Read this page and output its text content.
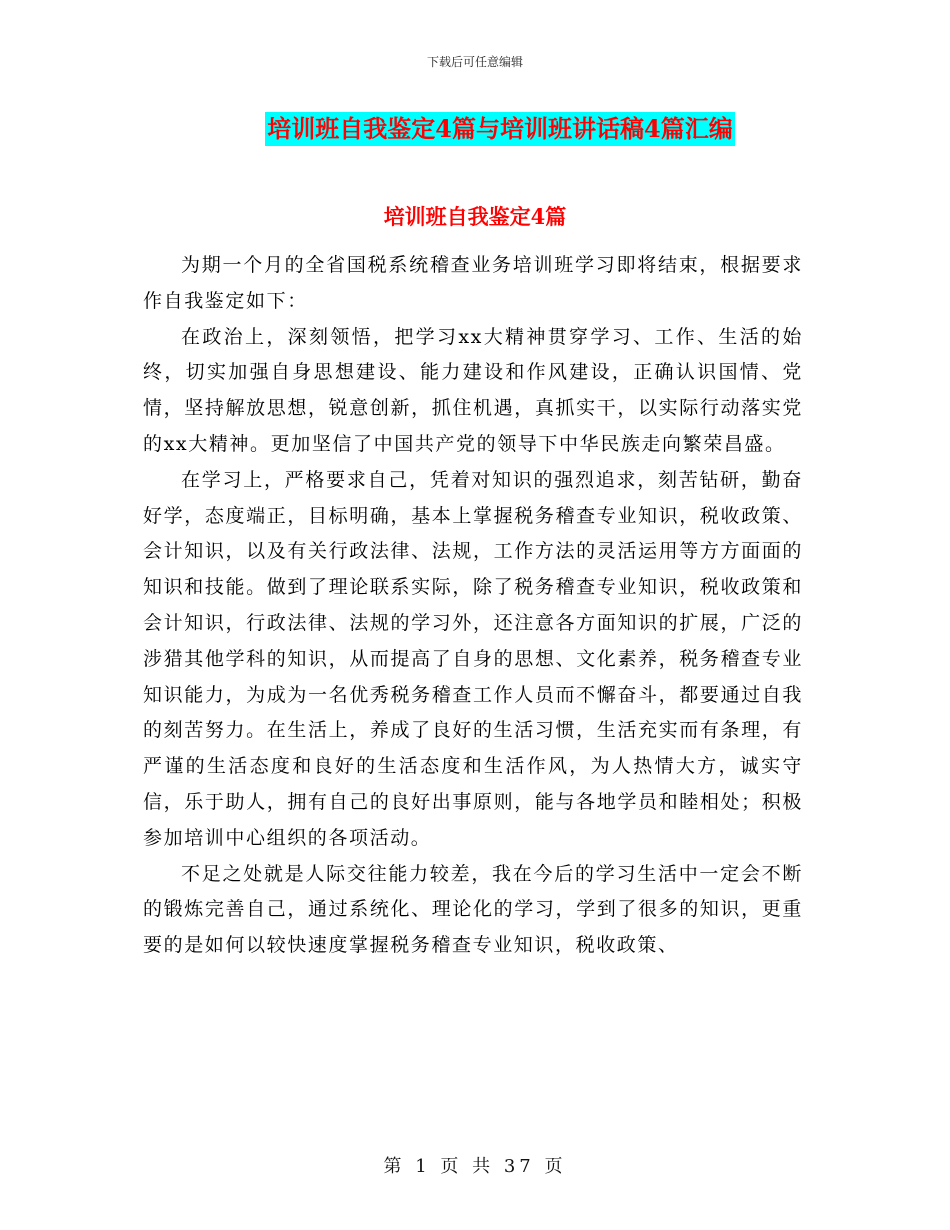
下载后可任意编辑
培训班自我鉴定4篇与培训班讲话稿4篇汇编
培训班自我鉴定4篇

为期一个月的全省国税系统稽查业务培训班学习即将结束，根据要求作自我鉴定如下：

在政治上，深刻领悟，把学习xx大精神贯穿学习、工作、生活的始终，切实加强自身思想建设、能力建设和作风建设，正确认识国情、党情，坚持解放思想，锐意创新，抓住机遇，真抓实干，以实际行动落实党的xx大精神。更加坚信了中国共产党的领导下中华民族走向繁荣昌盛。

在学习上，严格要求自己，凭着对知识的强烈追求，刻苦钻研，勤奋好学，态度端正，目标明确，基本上掌握税务稽查专业知识，税收政策、会计知识，以及有关行政法律、法规，工作方法的灵活运用等方方面面的知识和技能。做到了理论联系实际，除了税务稽查专业知识，税收政策和会计知识，行政法律、法规的学习外，还注意各方面知识的扩展，广泛的涉猎其他学科的知识，从而提高了自身的思想、文化素养，税务稽查专业知识能力，为成为一名优秀税务稽查工作人员而不懈奋斗，都要通过自我的刻苦努力。在生活上，养成了良好的生活习惯，生活充实而有条理，有严谨的生活态度和良好的生活态度和生活作风，为人热情大方，诚实守信，乐于助人，拥有自己的良好出事原则，能与各地学员和睦相处；积极参加培训中心组织的各项活动。

不足之处就是人际交往能力较差，我在今后的学习生活中一定会不断的锻炼完善自己，通过系统化、理论化的学习，学到了很多的知识，更重要的是如何以较快速度掌握税务稽查专业知识，税收政策、

第 1 页 共 37 页
